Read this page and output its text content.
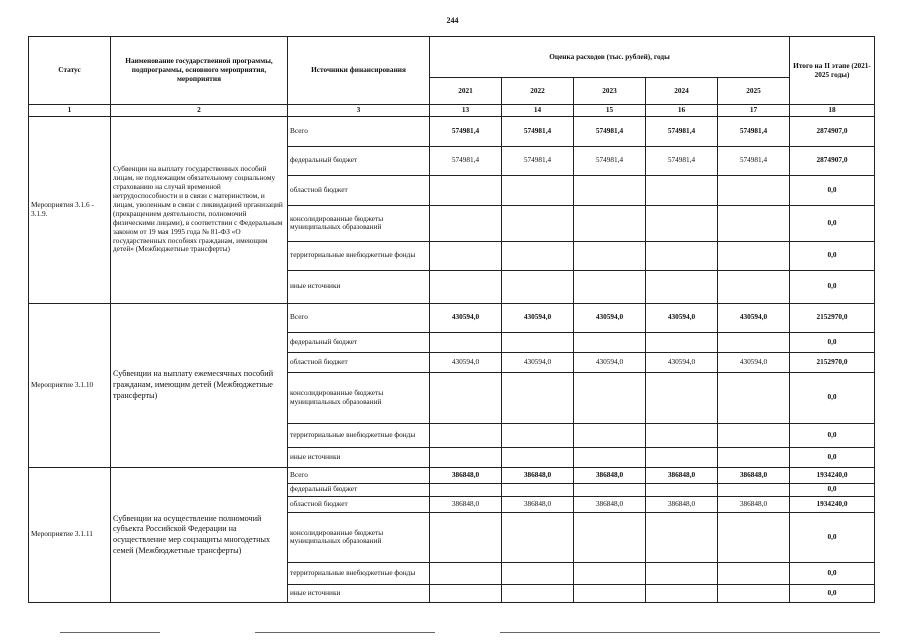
244
Статус	Наименование государственной программы, подпрограммы, основного мероприятия, мероприятия	Источники финансирования	Оценка расходов (тыс. рублей), годы					Итого на II этапе (2021-2025 годы)
			2021	2022	2023	2024	2025	
1	2	3	13	14	15	16	17	18
Мероприятия 3.1.6 - 3.1.9.	Субвенции на выплату государственных пособий лицам, не подлежащим обязательному социальному страхованию на случай временной нетрудоспособности и в связи с материнством, и лицам, уволенным в связи с ликвидацией организаций (прекращением деятельности, полномочий физическими лицами), в соответствии с Федеральным законом от 19 мая 1995 года № 81-ФЗ «О государственных пособиях гражданам, имеющим детей» (Межбюджетные трансферты)	Всего	574981,4	574981,4	574981,4	574981,4	574981,4	2874907,0
		федеральный бюджет	574981,4	574981,4	574981,4	574981,4	574981,4	2874907,0
		областной бюджет						0,0
		консолидированные бюджеты муниципальных образований						0,0
		территориальные внебюджетные фонды						0,0
		иные источники						0,0
Мероприятие 3.1.10	Субвенции на выплату ежемесячных пособий гражданам, имеющим детей (Межбюджетные трансферты)	Всего	430594,0	430594,0	430594,0	430594,0	430594,0	2152970,0
		федеральный бюджет						0,0
		областной бюджет	430594,0	430594,0	430594,0	430594,0	430594,0	2152970,0
		консолидированные бюджеты муниципальных образований						0,0
		территориальные внебюджетные фонды						0,0
		иные источники						0,0
Мероприятие 3.1.11	Субвенции на осуществление полномочий субъекта Российской Федерации на осуществление мер соцзащиты многодетных семей (Межбюджетные трансферты)	Всего	386848,0	386848,0	386848,0	386848,0	386848,0	1934240,0
		федеральный бюджет						0,0
		областной бюджет	386848,0	386848,0	386848,0	386848,0	386848,0	1934240,0
		консолидированные бюджеты муниципальных образований						0,0
		территориальные внебюджетные фонды						0,0
		иные источники						0,0
